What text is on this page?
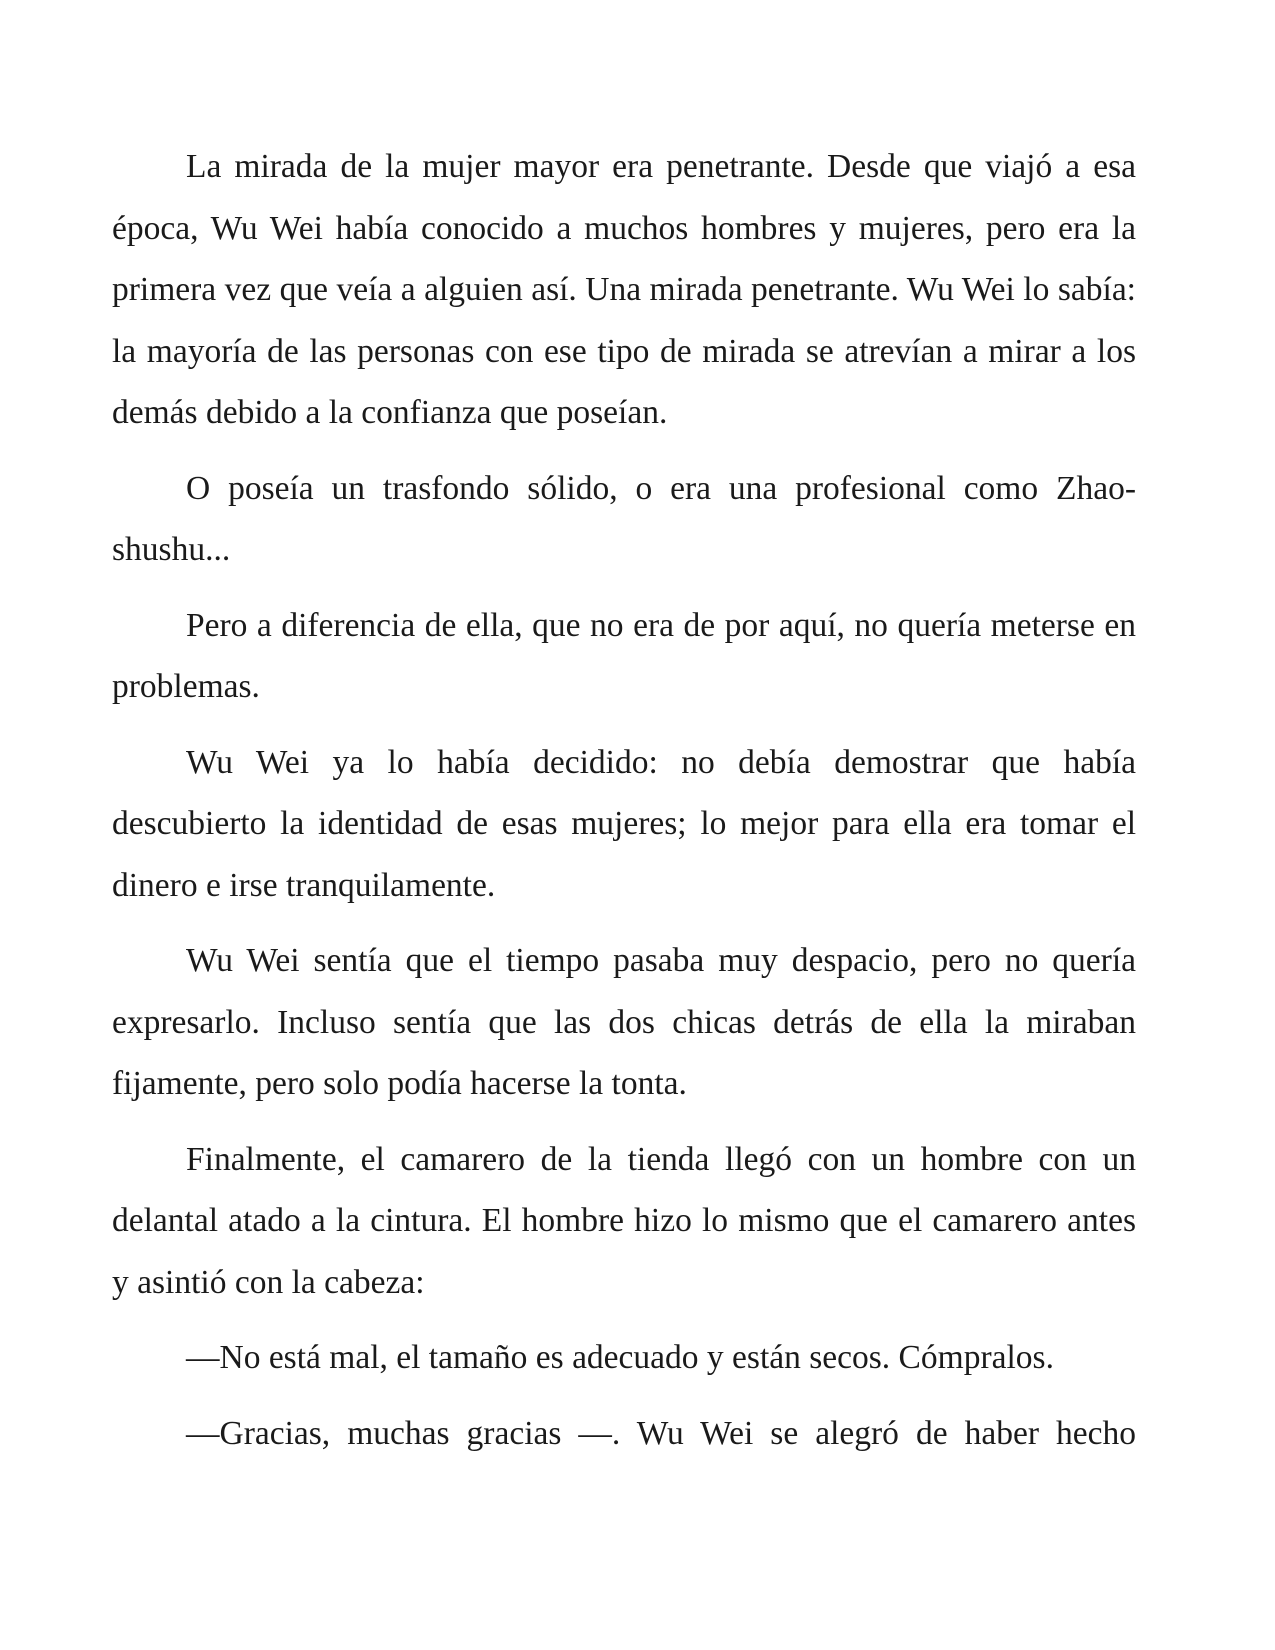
La mirada de la mujer mayor era penetrante. Desde que viajó a esa época, Wu Wei había conocido a muchos hombres y mujeres, pero era la primera vez que veía a alguien así. Una mirada penetrante. Wu Wei lo sabía: la mayoría de las personas con ese tipo de mirada se atrevían a mirar a los demás debido a la confianza que poseían.

O poseía un trasfondo sólido, o era una profesional como Zhao-shushu...

Pero a diferencia de ella, que no era de por aquí, no quería meterse en problemas.

Wu Wei ya lo había decidido: no debía demostrar que había descubierto la identidad de esas mujeres; lo mejor para ella era tomar el dinero e irse tranquilamente.

Wu Wei sentía que el tiempo pasaba muy despacio, pero no quería expresarlo. Incluso sentía que las dos chicas detrás de ella la miraban fijamente, pero solo podía hacerse la tonta.

Finalmente, el camarero de la tienda llegó con un hombre con un delantal atado a la cintura. El hombre hizo lo mismo que el camarero antes y asintió con la cabeza:

—No está mal, el tamaño es adecuado y están secos. Cómpralos.

—Gracias, muchas gracias —. Wu Wei se alegró de haber hecho
